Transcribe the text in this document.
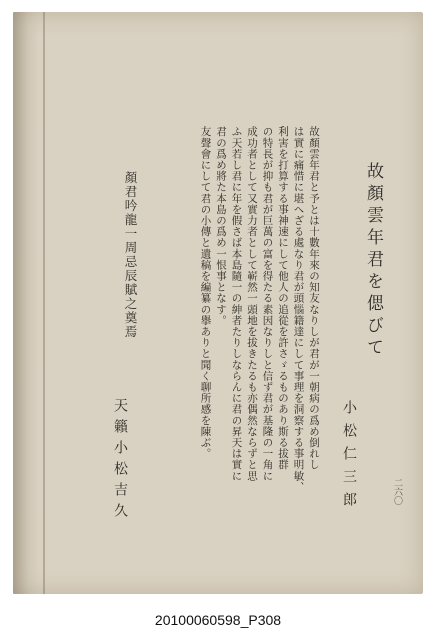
二六〇
故顏雲年君を偲びて
小松仁三郎

故顏雲年君と予とは十數年來の知友なりしが君が一朝病の爲め倒れし

は實に痛惜に堪へざる處なり君が頭惱籍達にして事理を洞察する事明敏、

利害を打算する事神速にして他人の追從を許さゞるものあり斯る拔群

の特長が抑も君が巨萬の富を得たる素因なりしと信ず君が基隆の一角に

成功者として又實力者として嶄然一頭地を拔きたるも亦偶然ならずと思

ふ天若し君に年を假さば本島隨一の紳者たりしならんに君の昇天は實に

君の爲め將た本島の爲め一恨事となす。

友聲會にして君の小傳と遺稿を編纂の擧ありと聞く聊所感を陳ぶ。

顏君吟龍一周忌辰賦之奠焉
天籟小松吉久
20100060598_P308
